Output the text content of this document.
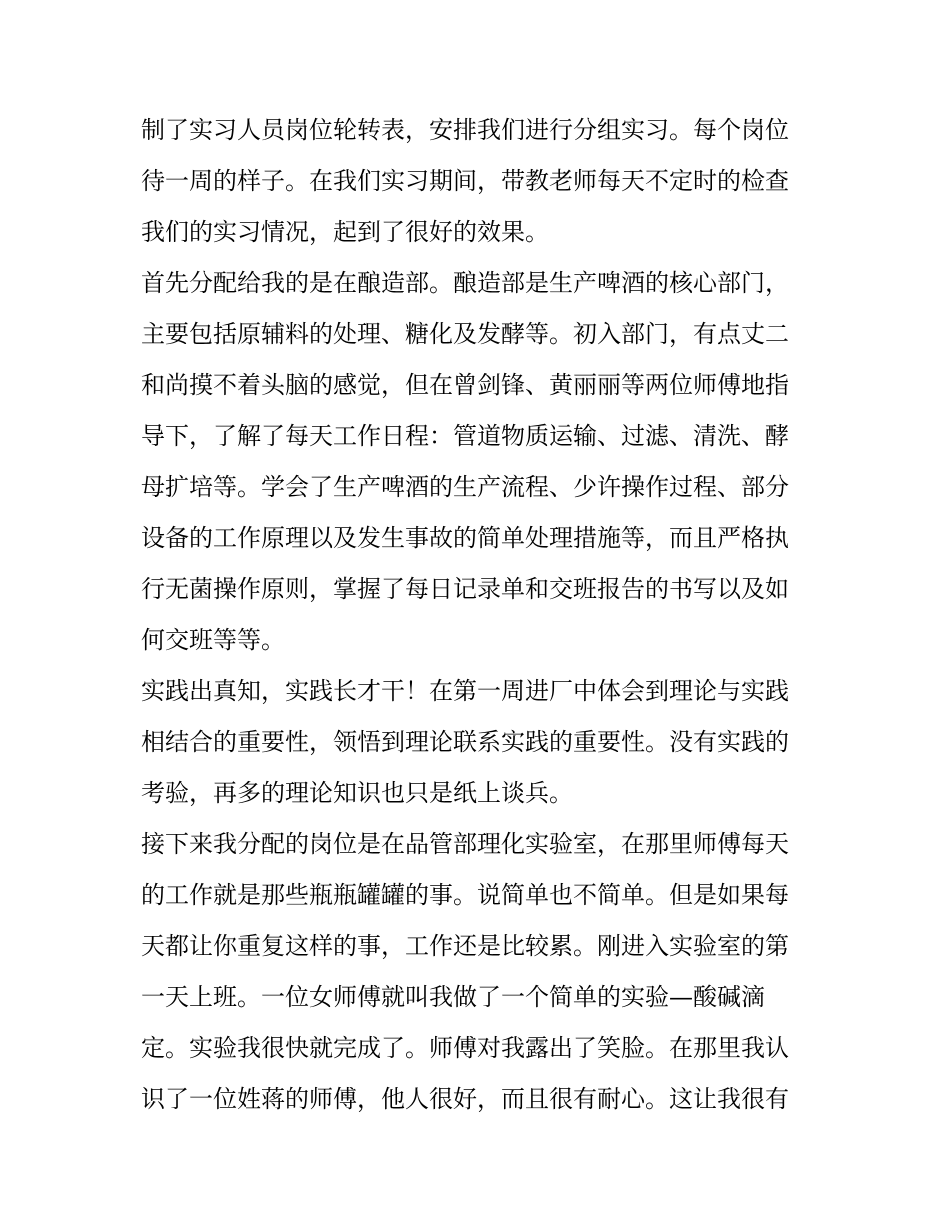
制了实习人员岗位轮转表，安排我们进行分组实习。每个岗位
待一周的样子。在我们实习期间，带教老师每天不定时的检查
我们的实习情况，起到了很好的效果。
首先分配给我的是在酿造部。酿造部是生产啤酒的核心部门，
主要包括原辅料的处理、糖化及发酵等。初入部门，有点丈二
和尚摸不着头脑的感觉，但在曾剑锋、黄丽丽等两位师傅地指
导下，了解了每天工作日程：管道物质运输、过滤、清洗、酵
母扩培等。学会了生产啤酒的生产流程、少许操作过程、部分
设备的工作原理以及发生事故的简单处理措施等，而且严格执
行无菌操作原则，掌握了每日记录单和交班报告的书写以及如
何交班等等。
实践出真知，实践长才干！在第一周进厂中体会到理论与实践
相结合的重要性，领悟到理论联系实践的重要性。没有实践的
考验，再多的理论知识也只是纸上谈兵。
接下来我分配的岗位是在品管部理化实验室，在那里师傅每天
的工作就是那些瓶瓶罐罐的事。说简单也不简单。但是如果每
天都让你重复这样的事，工作还是比较累。刚进入实验室的第
一天上班。一位女师傅就叫我做了一个简单的实验—酸碱滴
定。实验我很快就完成了。师傅对我露出了笑脸。在那里我认
识了一位姓蒋的师傅，他人很好，而且很有耐心。这让我很有
